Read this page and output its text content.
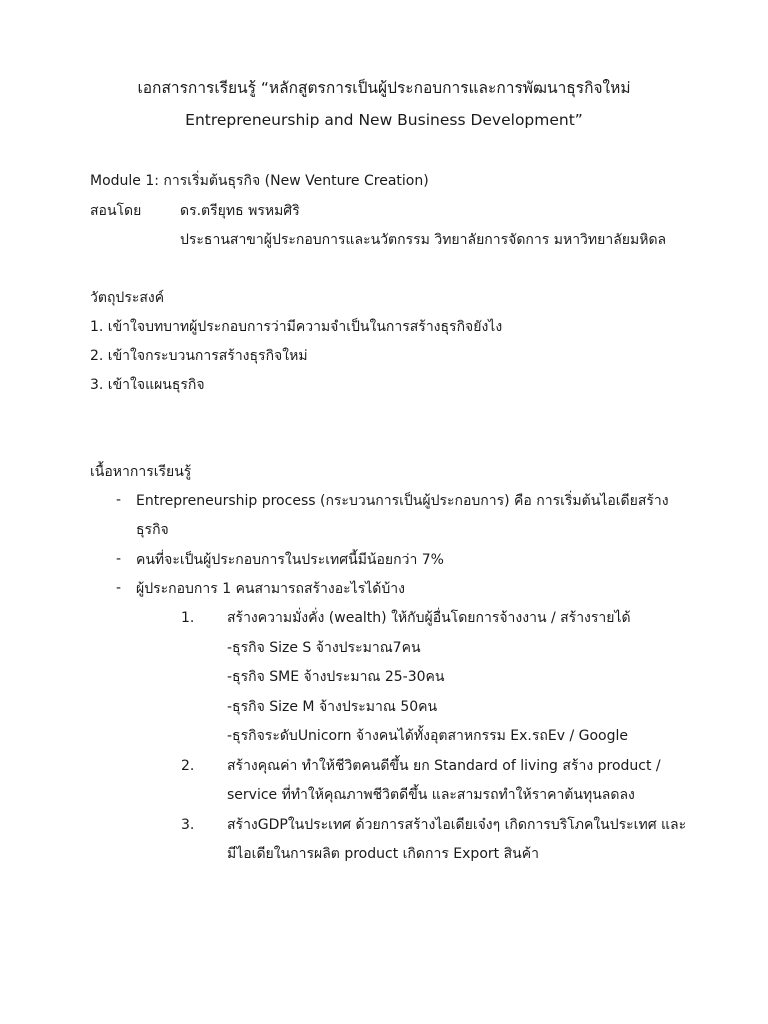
เอกสารการเรียนรู้ “หลักสูตรการเป็นผู้ประกอบการและการพัฒนาธุรกิจใหม่
Entrepreneurship and New Business Development”
Module 1: การเริ่มต้นธุรกิจ (New Venture Creation)
สอนโดย	ดร.ตรียุทธ พรหมศิริ
ประธานสาขาผู้ประกอบการและนวัตกรรม วิทยาลัยการจัดการ มหาวิทยาลัยมหิดล
วัตถุประสงค์
1. เข้าใจบทบาทผู้ประกอบการว่ามีความจำเป็นในการสร้างธุรกิจยังไง
2. เข้าใจกระบวนการสร้างธุรกิจใหม่
3. เข้าใจแผนธุรกิจ
เนื้อหาการเรียนรู้
- Entrepreneurship process (กระบวนการเป็นผู้ประกอบการ) คือ การเริ่มต้นไอเดียสร้าง
ธุรกิจ
- คนที่จะเป็นผู้ประกอบการในประเทศนี้มีน้อยกว่า 7%
- ผู้ประกอบการ 1 คนสามารถสร้างอะไรได้บ้าง
1. สร้างความมั่งคั่ง (wealth) ให้กับผู้อื่นโดยการจ้างงาน / สร้างรายได้
-ธุรกิจ Size S จ้างประมาณ7คน
-ธุรกิจ SME จ้างประมาณ 25-30คน
-ธุรกิจ Size M จ้างประมาณ 50คน
-ธุรกิจระดับUnicorn จ้างคนได้ทั้งอุตสาหกรรม Ex.รถEv / Google
2. สร้างคุณค่า ทำให้ชีวิตคนดีขึ้น ยก Standard of living สร้าง product /
service ที่ทำให้คุณภาพชีวิตดีขึ้น และสามรถทำให้ราคาต้นทุนลดลง
3. สร้างGDPในประเทศ ด้วยการสร้างไอเดียเจ๋งๆ เกิดการบริโภคในประเทศ และ
มีไอเดียในการผลิต product เกิดการ Export สินค้า
